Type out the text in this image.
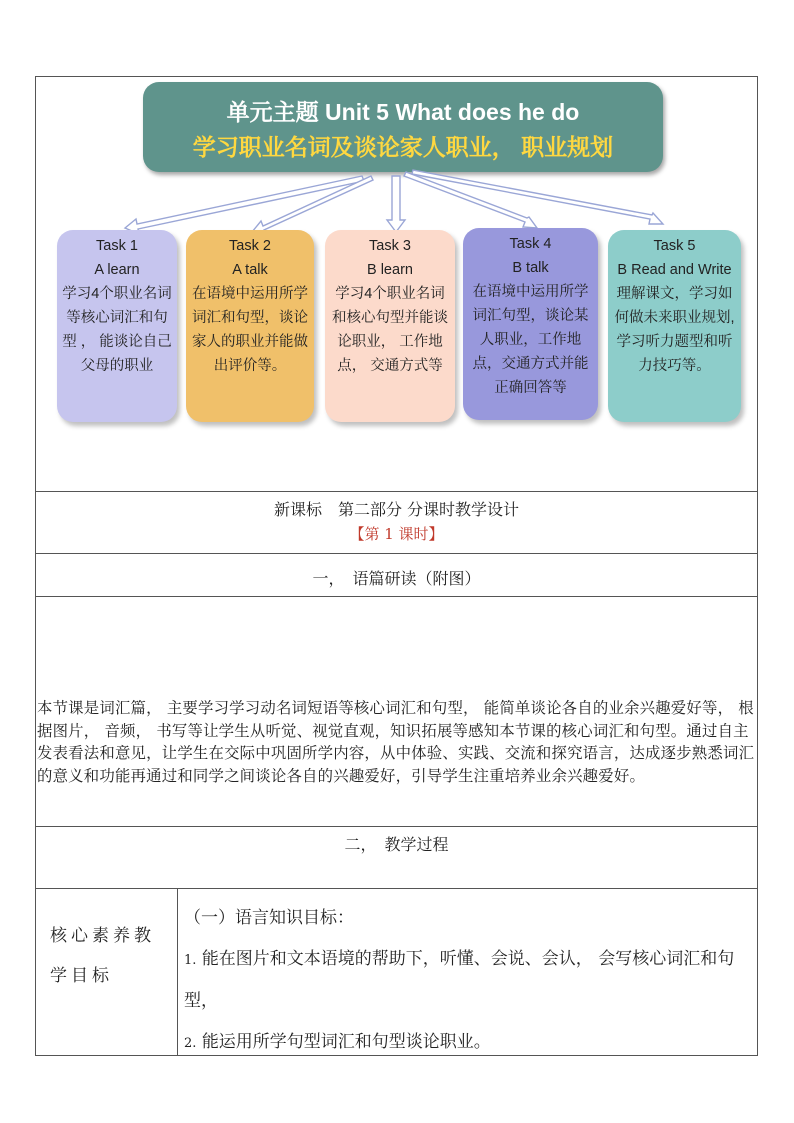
单元主题 Unit 5 What does he do
学习职业名词及谈论家人职业， 职业规划
Task 1
A learn
学习4个职业名词等核心词汇和句型 ， 能谈论自己父母的职业
Task 2
A talk
在语境中运用所学词汇和句型，谈论家人的职业并能做出评价等。
Task 3
B learn
学习4个职业名词和核心句型并能谈论职业， 工作地点， 交通方式等
Task 4
B talk
在语境中运用所学词汇句型，谈论某人职业，工作地点，交通方式并能正确回答等
Task 5
B Read and Write
理解课文，学习如何做未来职业规划,学习听力题型和听力技巧等。
新课标　第二部分 分课时教学设计
【第 1 课时】
一，　语篇研读（附图）
本节课是词汇篇， 主要学习学习动名词短语等核心词汇和句型， 能简单谈论各自的业余兴趣爱好等， 根据图片， 音频， 书写等让学生从听觉、视觉直观，知识拓展等感知本节课的核心词汇和句型。通过自主发表看法和意见，让学生在交际中巩固所学内容，从中体验、实践、交流和探究语言，达成逐步熟悉词汇的意义和功能再通过和同学之间谈论各自的兴趣爱好，引导学生注重培养业余兴趣爱好。
二，　教学过程
核心素养教学目标
（一）语言知识目标：
1. 能在图片和文本语境的帮助下，听懂、会说、会认， 会写核心词汇和句型，
2. 能运用所学句型词汇和句型谈论职业。
